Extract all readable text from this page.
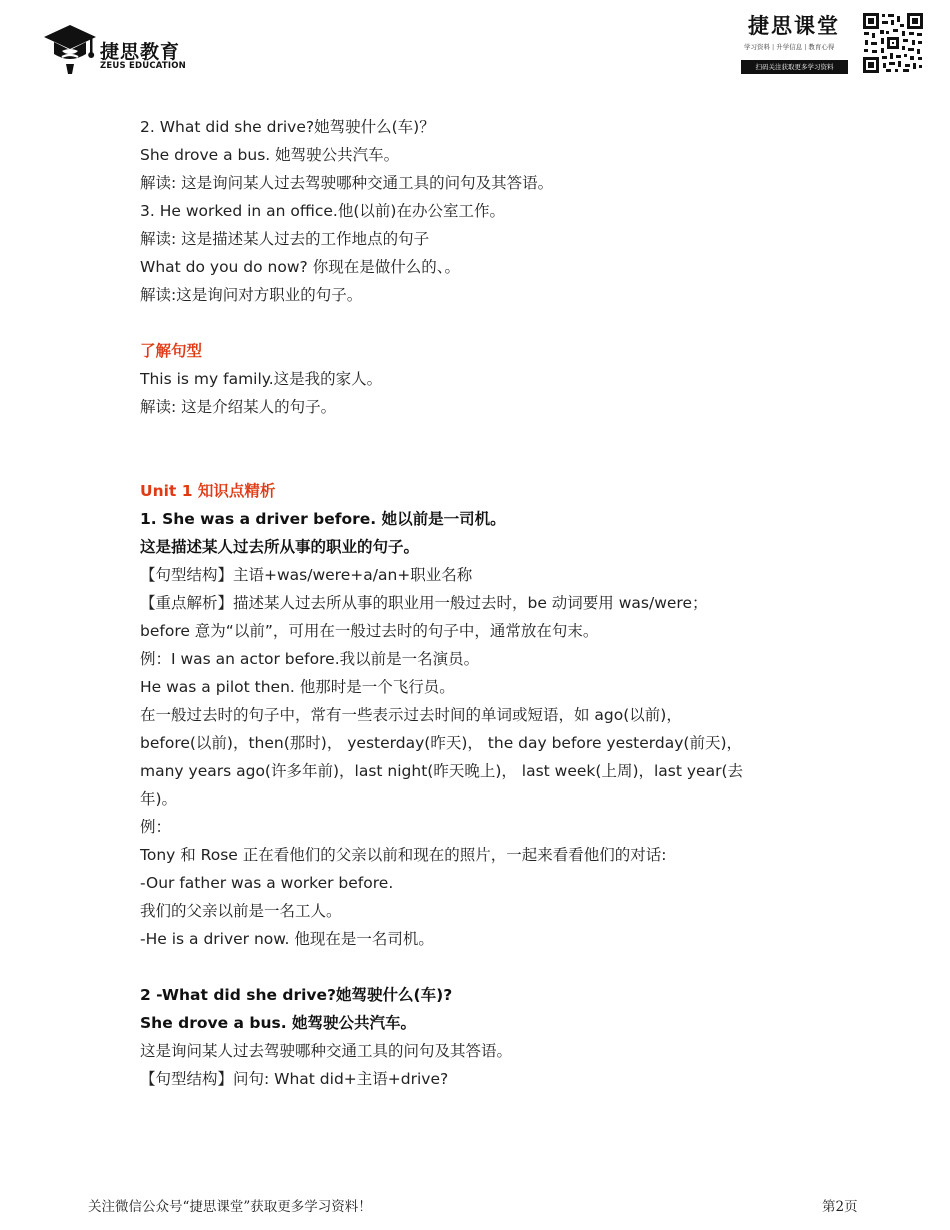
捷思教育
ZEUS EDUCATION
捷思课堂
学习资料 | 升学信息 | 教育心得
扫码关注获取更多学习资料
2. What did she drive?她驾驶什么(车)？
She drove a bus. 她驾驶公共汽车。
解读: 这是询问某人过去驾驶哪种交通工具的问句及其答语。
3. He worked in an office.他(以前)在办公室工作。
解读: 这是描述某人过去的工作地点的句子
What do you do now? 你现在是做什么的、。
解读:这是询问对方职业的句子。
了解句型
This is my family.这是我的家人。
解读: 这是介绍某人的句子。
Unit 1 知识点精析
1. She was a driver before. 她以前是一司机。
这是描述某人过去所从事的职业的句子。
【句型结构】主语+was/were+a/an+职业名称
【重点解析】描述某人过去所从事的职业用一般过去时，be 动词要用 was/were；
before 意为“以前”，可用在一般过去时的句子中，通常放在句末。
例：I was an actor before.我以前是一名演员。
He was a pilot then. 他那时是一个飞行员。
在一般过去时的句子中，常有一些表示过去时间的单词或短语，如 ago(以前)，
before(以前)，then(那时)， yesterday(昨天)， the day before yesterday(前天)，
many years ago(许多年前)，last night(昨天晚上)， last week(上周)，last year(去
年)。
例：
Tony 和 Rose 正在看他们的父亲以前和现在的照片，一起来看看他们的对话:
-Our father was a worker before.
我们的父亲以前是一名工人。
-He is a driver now. 他现在是一名司机。
2 -What did she drive?她驾驶什么(车)?
She drove a bus. 她驾驶公共汽车。
这是询问某人过去驾驶哪种交通工具的问句及其答语。
【句型结构】问句: What did+主语+drive?
关注微信公众号“捷思课堂”获取更多学习资料！	第2页
